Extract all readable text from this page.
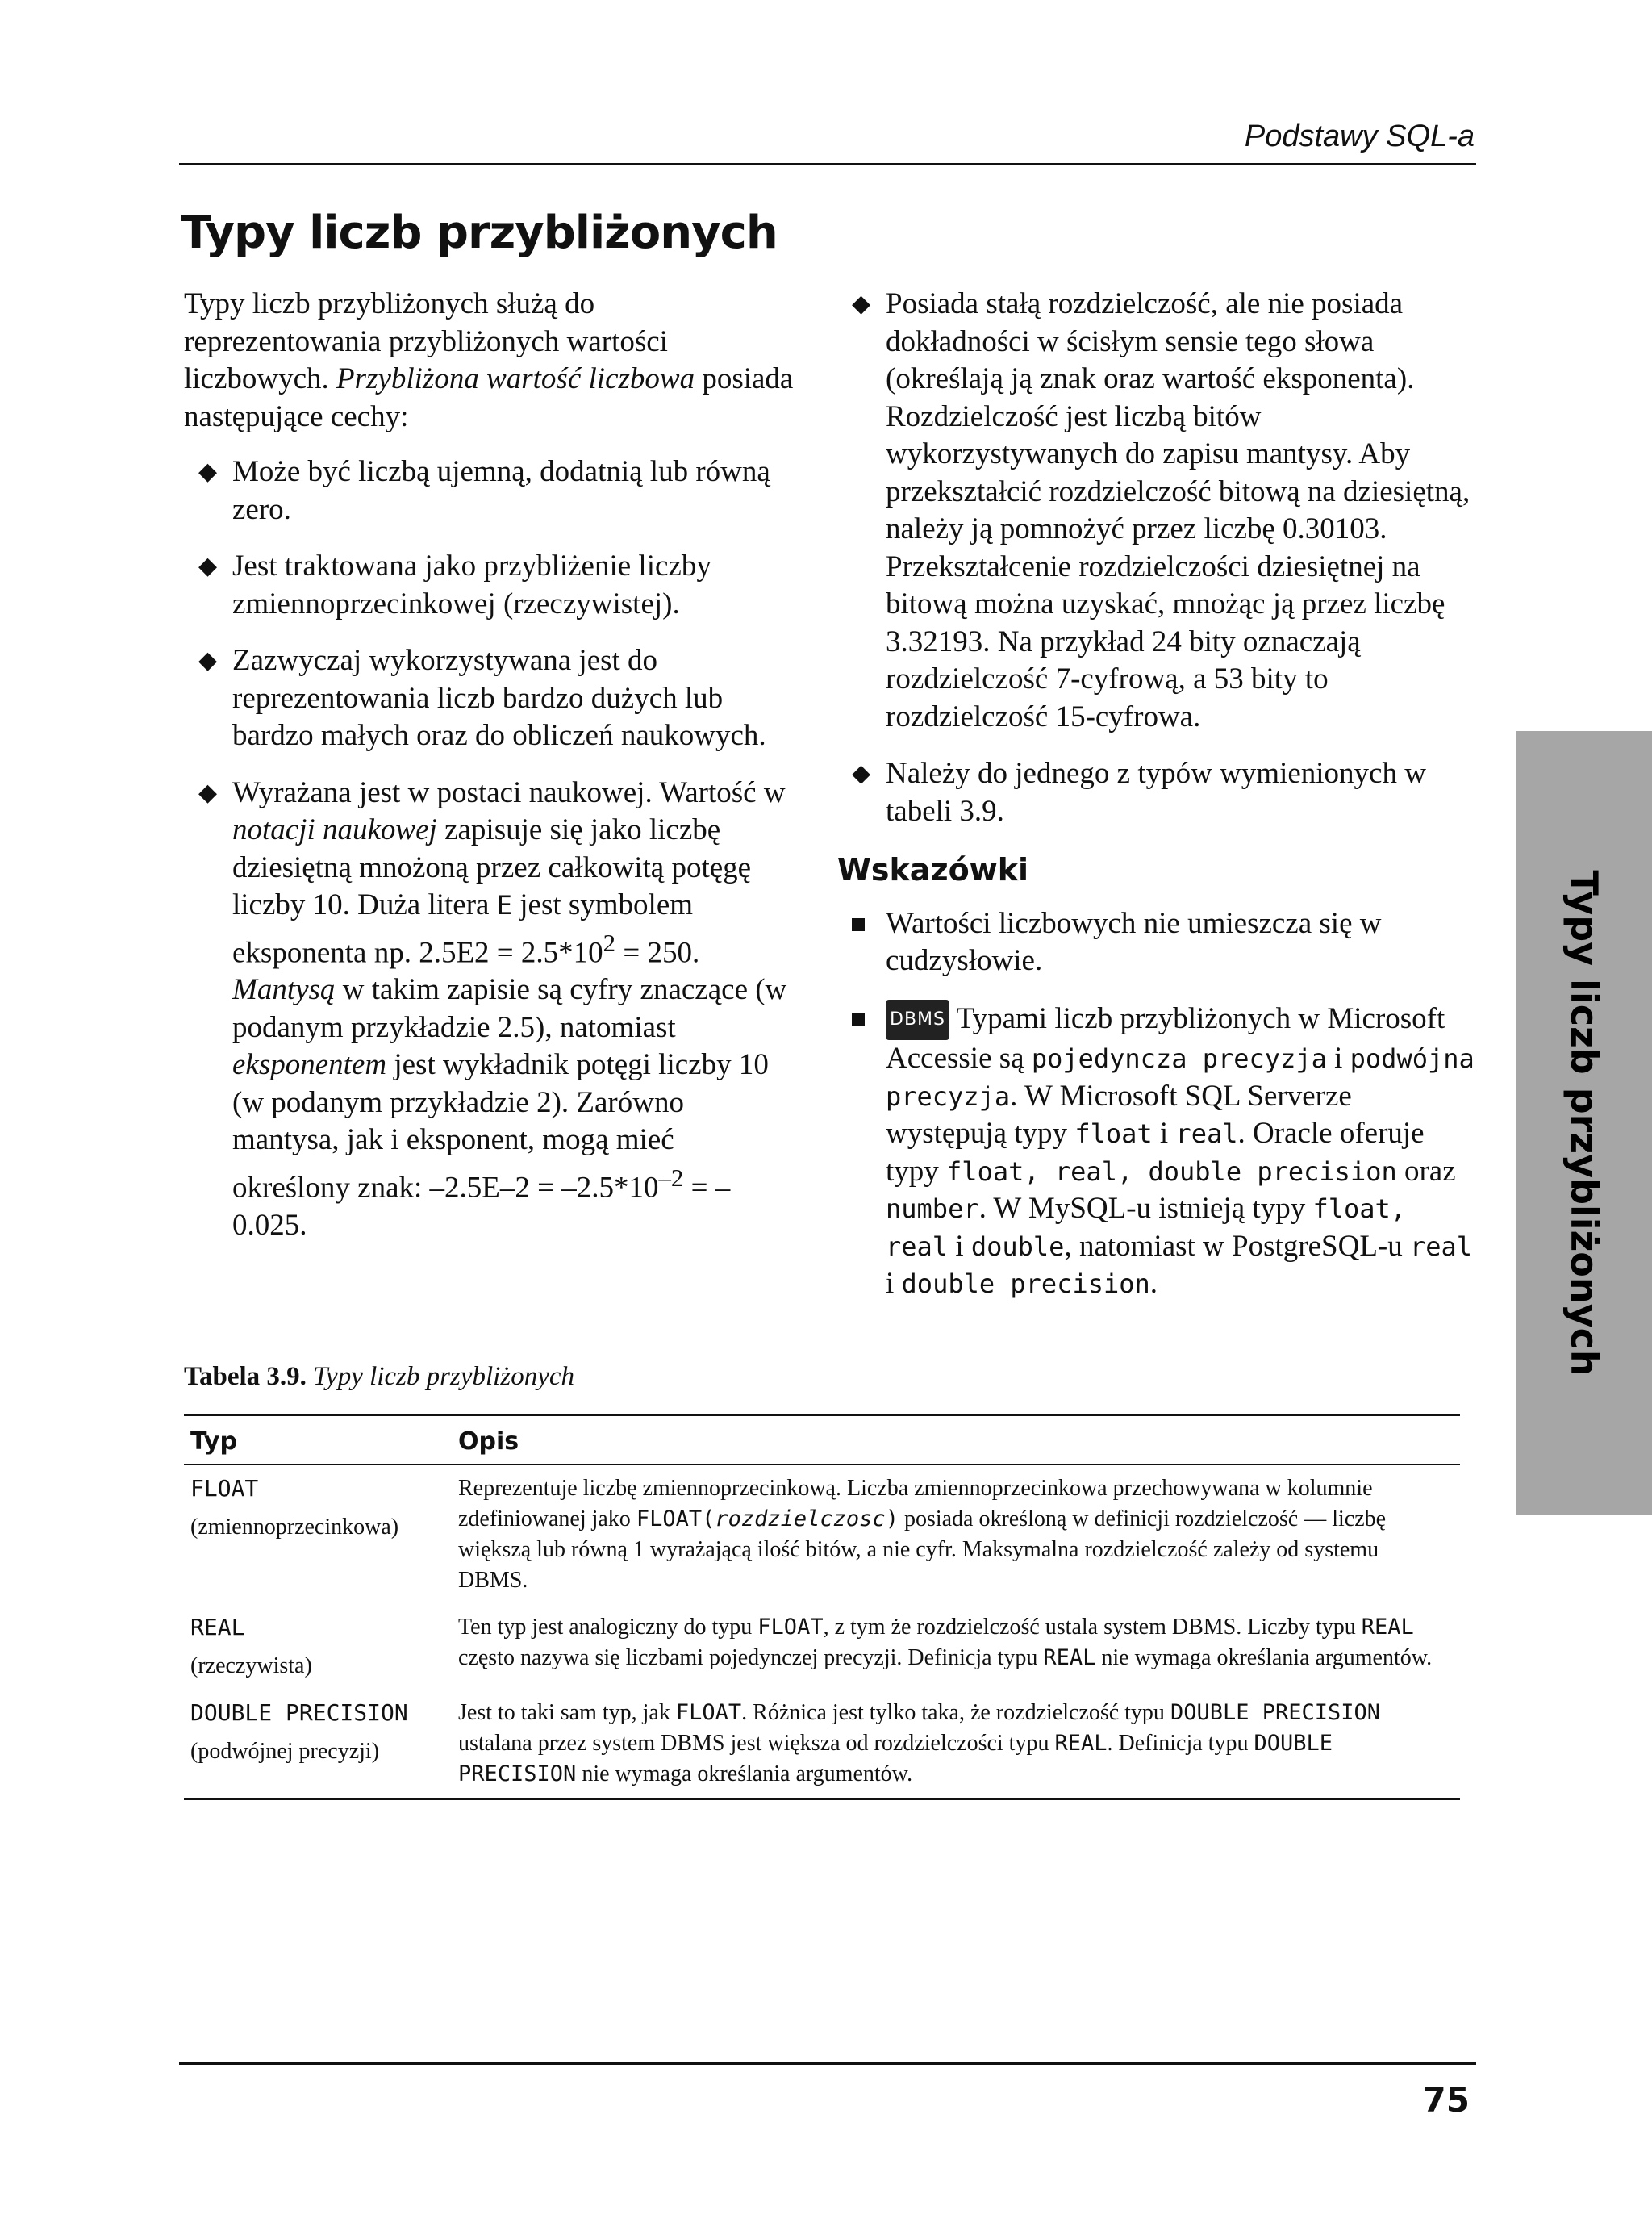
Podstawy SQL-a
Typy liczb przybliżonych

Typy liczb przybliżonych służą do reprezentowania przybliżonych wartości liczbowych. Przybliżona wartość liczbowa posiada następujące cechy:

◆ Może być liczbą ujemną, dodatnią lub równą zero.
◆ Jest traktowana jako przybliżenie liczby zmiennoprzecinkowej (rzeczywistej).
◆ Zazwyczaj wykorzystywana jest do reprezentowania liczb bardzo dużych lub bardzo małych oraz do obliczeń naukowych.
◆ Wyrażana jest w postaci naukowej. Wartość w notacji naukowej zapisuje się jako liczbę dziesiętną mnożoną przez całkowitą potęgę liczby 10. Duża litera E jest symbolem eksponenta np. $2.5E2 = 2.5*10^2 = 250$. Mantysą w takim zapisie są cyfry znaczące (w podanym przykładzie 2.5), natomiast eksponentem jest wykładnik potęgi liczby 10 (w podanym przykładzie 2). Zarówno mantysa, jak i eksponent, mogą mieć określony znak: $-2.5E-2 = -2.5*10^{-2} = -0.025$.
◆ Posiada stałą rozdzielczość, ale nie posiada dokładności w ścisłym sensie tego słowa (określają ją znak oraz wartość eksponenta). Rozdzielczość jest liczbą bitów wykorzystywanych do zapisu mantysy. Aby przekształcić rozdzielczość bitową na dziesiętną, należy ją pomnożyć przez liczbę 0.30103. Przekształcenie rozdzielczości dziesiętnej na bitową można uzyskać, mnożąc ją przez liczbę 3.32193. Na przykład 24 bity oznaczają rozdzielczość 7-cyfrową, a 53 bity to rozdzielczość 15-cyfrowa.
◆ Należy do jednego z typów wymienionych w tabeli 3.9.
Wskazówki
Wartości liczbowych nie umieszcza się w cudzysłowie.
DBMS Typami liczb przybliżonych w Microsoft Accessie są pojedyncza precyzja i podwójna precyzja. W Microsoft SQL Serverze występują typy float i real. Oracle oferuje typy float, real, double precision oraz number. W MySQL-u istnieją typy float, real i double, natomiast w PostgreSQL-u real i double precision.	Typy liczb przybliżonych
Tabela 3.9. Typy liczb przybliżonych
Typ	Opis

FLOAT
(zmiennoprzecinkowa)	Reprezentuje liczbę zmiennoprzecinkową. Liczba zmiennoprzecinkowa przechowywana w kolumnie zdefiniowanej jako FLOAT(rozdzielczosc) posiada określoną w definicji rozdzielczość — liczbę większą lub równą 1 wyrażającą ilość bitów, a nie cyfr. Maksymalna rozdzielczość zależy od systemu DBMS.

REAL
(rzeczywista)	Ten typ jest analogiczny do typu FLOAT, z tym że rozdzielczość ustala system DBMS. Liczby typu REAL często nazywa się liczbami pojedynczej precyzji. Definicja typu REAL nie wymaga określania argumentów.

DOUBLE PRECISION
(podwójnej precyzji)	Jest to taki sam typ, jak FLOAT. Różnica jest tylko taka, że rozdzielczość typu DOUBLE PRECISION ustalana przez system DBMS jest większa od rozdzielczości typu REAL. Definicja typu DOUBLE PRECISION nie wymaga określania argumentów.
75
